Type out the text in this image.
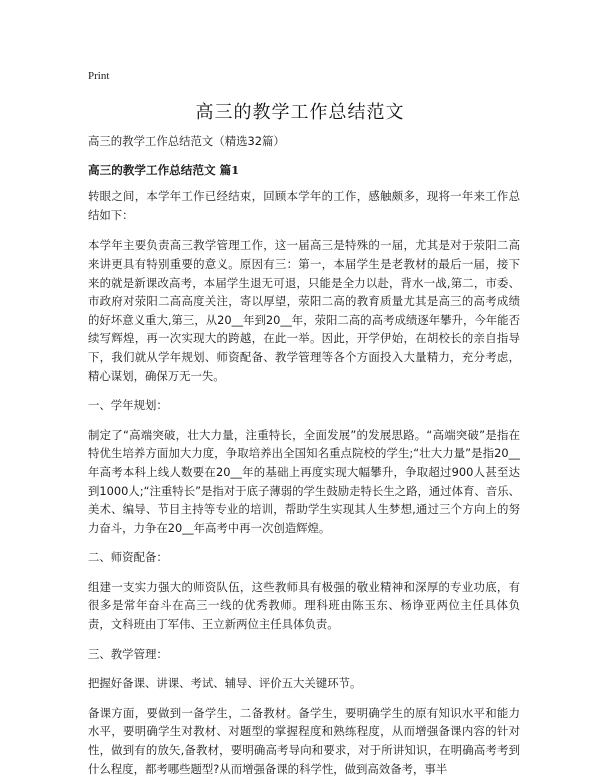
Print
高三的教学工作总结范文

高三的教学工作总结范文（精选32篇）

高三的教学工作总结范文 篇1

转眼之间，本学年工作已经结束，回顾本学年的工作，感触颇多，现将一年来工作总结如下：

本学年主要负责高三教学管理工作，这一届高三是特殊的一届，尤其是对于荥阳二高来讲更具有特别重要的意义。原因有三：第一，本届学生是老教材的最后一届，接下来的就是新课改高考，本届学生退无可退，只能是全力以赴，背水一战,第二，市委、市政府对荥阳二高高度关注，寄以厚望，荥阳二高的教育质量尤其是高三的高考成绩的好坏意义重大,第三，从20__年到20__年，荥阳二高的高考成绩逐年攀升，今年能否续写辉煌，再一次实现大的跨越，在此一举。因此，开学伊始，在胡校长的亲自指导下，我们就从学年规划、师资配备、教学管理等各个方面投入大量精力，充分考虑，精心谋划，确保万无一失。

一、学年规划：

制定了“高端突破，壮大力量，注重特长，全面发展”的发展思路。“高端突破”是指在特优生培养方面加大力度，争取培养出全国知名重点院校的学生;“壮大力量”是指20__年高考本科上线人数要在20__年的基础上再度实现大幅攀升，争取超过900人甚至达到1000人;“注重特长”是指对于底子薄弱的学生鼓励走特长生之路，通过体育、音乐、美术、编导、节目主持等专业的培训，帮助学生实现其人生梦想,通过三个方向上的努力奋斗，力争在20__年高考中再一次创造辉煌。

二、师资配备：

组建一支实力强大的师资队伍，这些教师具有极强的敬业精神和深厚的专业功底，有很多是常年奋斗在高三一线的优秀教师。理科班由陈玉东、杨诤亚两位主任具体负责，文科班由丁军伟、王立新两位主任具体负责。

三、教学管理：

把握好备课、讲课、考试、辅导、评价五大关键环节。

备课方面，要做到一备学生，二备教材。备学生，要明确学生的原有知识水平和能力水平，要明确学生对教材、对题型的掌握程度和熟练程度，从而增强备课内容的针对性，做到有的放矢,备教材，要明确高考导向和要求，对于所讲知识，在明确高考考到什么程度，都考哪些题型?从而增强备课的科学性，做到高效备考，事半
